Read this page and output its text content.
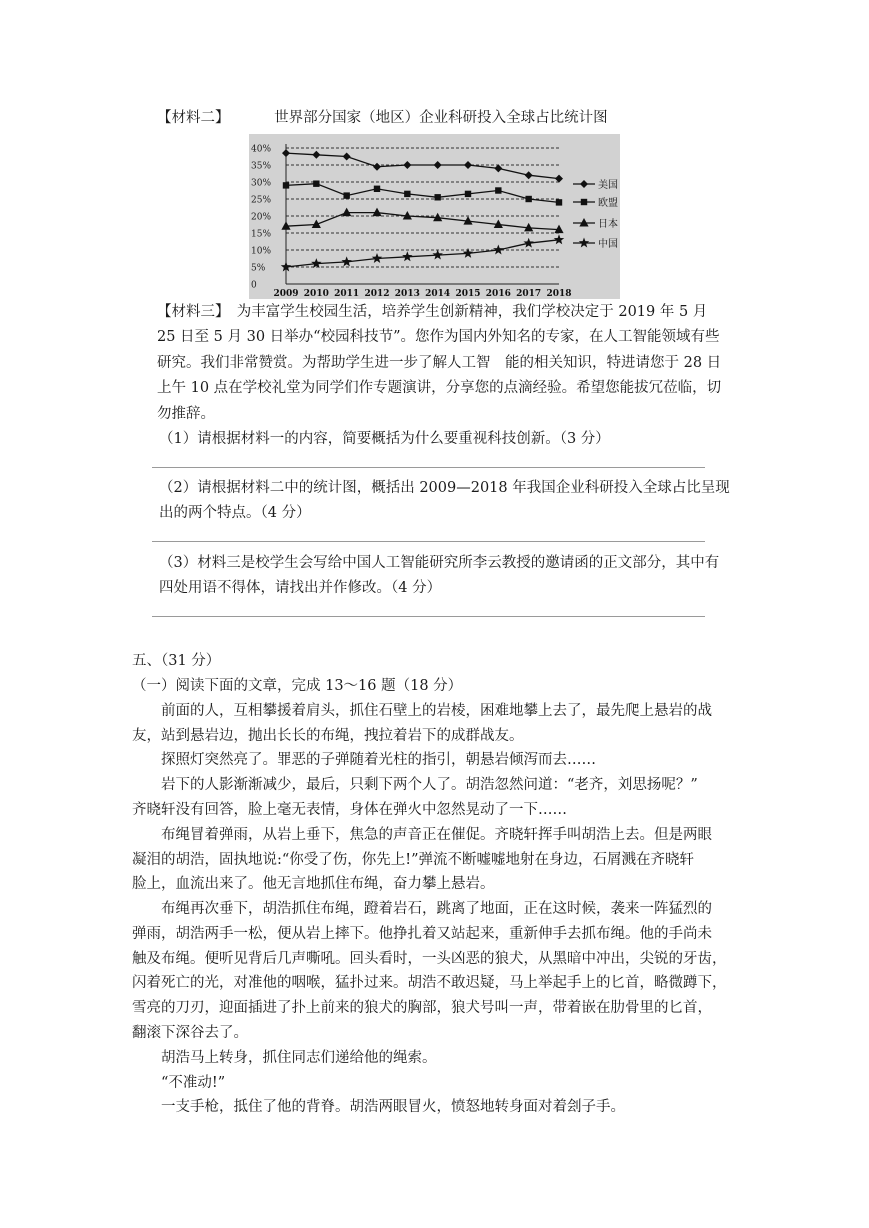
【材料二】	世界部分国家（地区）企业科研投入全球占比统计图
0
5%
10%
15%
20%
25%
30%
35%
40%
2009 2010 2011 2012 2013 2014 2015 2016 2017 2018
美国
欧盟
日本
中国
【材料三】　为丰富学生校园生活，培养学生创新精神，我们学校决定于 2019 年 5 月
25 日至 5 月 30 日举办“校园科技节”。您作为国内外知名的专家，在人工智能领域有些
研究。我们非常赞赏。为帮助学生进一步了解人工智　能的相关知识，特进请您于 28 日
上午 10 点在学校礼堂为同学们作专题演讲，分享您的点滴经验。希望您能拔冗莅临，切
勿推辞。
（1）请根据材料一的内容，简要概括为什么要重视科技创新。（3 分）
（2）请根据材料二中的统计图，概括出 2009—2018 年我国企业科研投入全球占比呈现
出的两个特点。（4 分）
（3）材料三是校学生会写给中国人工智能研究所李云教授的邀请函的正文部分，其中有
四处用语不得体，请找出并作修改。（4 分）
五、（31 分）
（一）阅读下面的文章，完成 13～16 题（18 分）
前面的人，互相攀援着肩头，抓住石壁上的岩棱，困难地攀上去了，最先爬上悬岩的战
友，站到悬岩边，抛出长长的布绳，拽拉着岩下的成群战友。
探照灯突然亮了。罪恶的子弹随着光柱的指引，朝悬岩倾泻而去……
岩下的人影渐渐减少，最后，只剩下两个人了。胡浩忽然问道：“老齐，刘思扬呢？”
齐晓轩没有回答，脸上毫无表情，身体在弹火中忽然晃动了一下……
布绳冒着弹雨，从岩上垂下，焦急的声音正在催促。齐晓轩挥手叫胡浩上去。但是两眼
凝泪的胡浩，固执地说:“你受了伤，你先上!”弹流不断嘘嘘地射在身边，石屑溅在齐晓轩
脸上，血流出来了。他无言地抓住布绳，奋力攀上悬岩。
布绳再次垂下，胡浩抓住布绳，蹬着岩石，跳离了地面，正在这时候，袭来一阵猛烈的
弹雨，胡浩两手一松，便从岩上摔下。他挣扎着又站起来，重新伸手去抓布绳。他的手尚未
触及布绳。便听见背后几声嘶吼。回头看时，一头凶恶的狼犬，从黑暗中冲出，尖锐的牙齿，
闪着死亡的光，对准他的咽喉，猛扑过来。胡浩不敢迟疑，马上举起手上的匕首，略微蹲下，
雪亮的刀刃，迎面插进了扑上前来的狼犬的胸部，狼犬号叫一声，带着嵌在肋骨里的匕首，
翻滚下深谷去了。
胡浩马上转身，抓住同志们递给他的绳索。
“不准动!”
一支手枪，抵住了他的背脊。胡浩两眼冒火，愤怒地转身面对着刽子手。
